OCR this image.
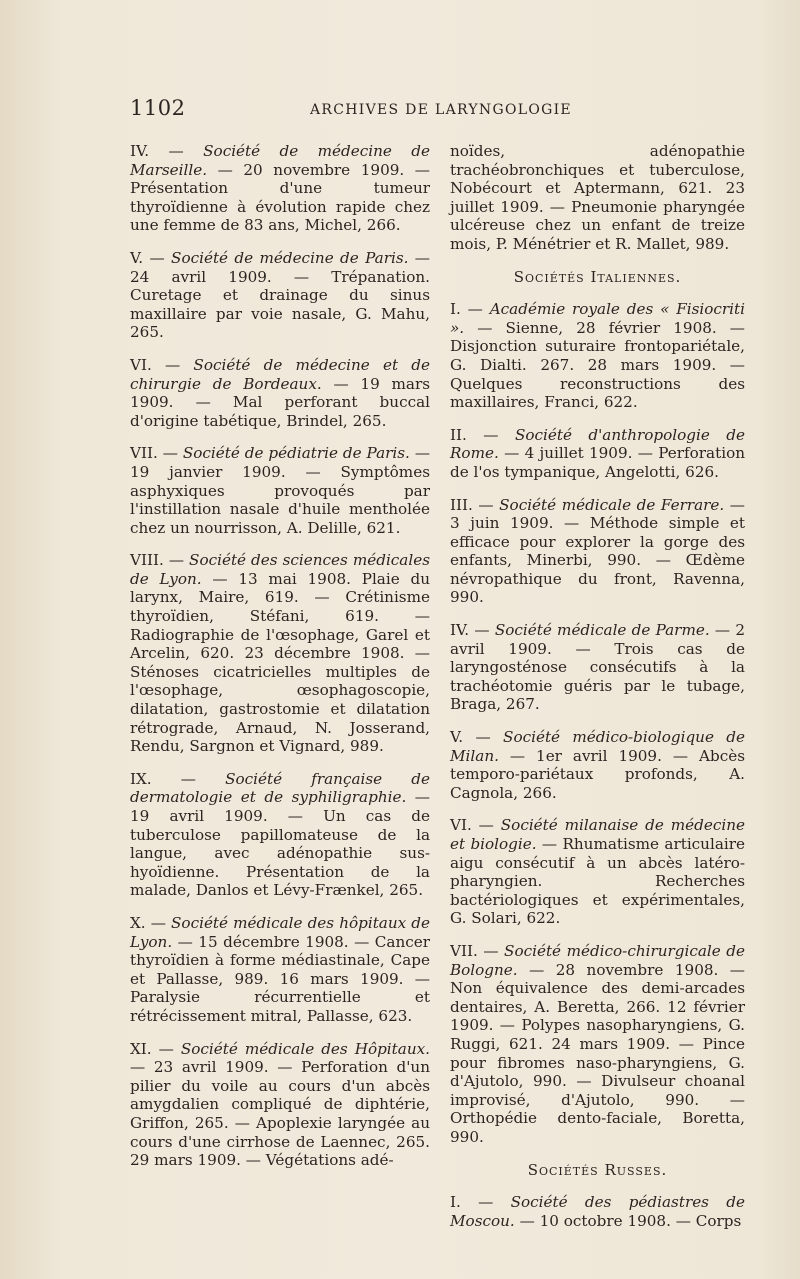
1102	ARCHIVES DE LARYNGOLOGIE

IV. — Société de médecine de Marseille. — 20 novembre 1909. — Présentation d'une tumeur thyroïdienne à évolution rapide chez une femme de 83 ans, Michel, 266.

V. — Société de médecine de Paris. — 24 avril 1909. — Trépanation. Curetage et drainage du sinus maxillaire par voie nasale, G. Mahu, 265.

VI. — Société de médecine et de chirurgie de Bordeaux. — 19 mars 1909. — Mal perforant buccal d'origine tabétique, Brindel, 265.

VII. — Société de pédiatrie de Paris. — 19 janvier 1909. — Symptômes asphyxiques provoqués par l'instillation nasale d'huile mentholée chez un nourrisson, A. Delille, 621.

VIII. — Société des sciences médicales de Lyon. — 13 mai 1908. Plaie du larynx, Maire, 619. — Crétinisme thyroïdien, Stéfani, 619. — Radiographie de l'œsophage, Garel et Arcelin, 620. 23 décembre 1908. — Sténoses cicatricielles multiples de l'œsophage, œsophagoscopie, dilatation, gastrostomie et dilatation rétrograde, Arnaud, N. Josserand, Rendu, Sargnon et Vignard, 989.

IX. — Société française de dermatologie et de syphiligraphie. — 19 avril 1909. — Un cas de tuberculose papillomateuse de la langue, avec adénopathie sus-hyoïdienne. Présentation de la malade, Danlos et Lévy-Frænkel, 265.

X. — Société médicale des hôpitaux de Lyon. — 15 décembre 1908. — Cancer thyroïdien à forme médiastinale, Cape et Pallasse, 989. 16 mars 1909. — Paralysie récurrentielle et rétrécissement mitral, Pallasse, 623.

XI. — Société médicale des Hôpitaux. — 23 avril 1909. — Perforation d'un pilier du voile au cours d'un abcès amygdalien compliqué de diphtérie, Griffon, 265. — Apoplexie laryngée au cours d'une cirrhose de Laennec, 265. 29 mars 1909. — Végétations adé-

noïdes, adénopathie trachéobronchiques et tuberculose, Nobécourt et Aptermann, 621. 23 juillet 1909. — Pneumonie pharyngée ulcéreuse chez un enfant de treize mois, P. Ménétrier et R. Mallet, 989.

Sociétés Italiennes.

I. — Académie royale des « Fisiocriti ». — Sienne, 28 février 1908. — Disjonction suturaire frontopariétale, G. Dialti. 267. 28 mars 1909. — Quelques reconstructions des maxillaires, Franci, 622.

II. — Société d'anthropologie de Rome. — 4 juillet 1909. — Perforation de l'os tympanique, Angelotti, 626.

III. — Société médicale de Ferrare. — 3 juin 1909. — Méthode simple et efficace pour explorer la gorge des enfants, Minerbi, 990. — Œdème névropathique du front, Ravenna, 990.

IV. — Société médicale de Parme. — 2 avril 1909. — Trois cas de laryngosténose consécutifs à la trachéotomie guéris par le tubage, Braga, 267.

V. — Société médico-biologique de Milan. — 1er avril 1909. — Abcès temporo-pariétaux profonds, A. Cagnola, 266.

VI. — Société milanaise de médecine et biologie. — Rhumatisme articulaire aigu consécutif à un abcès latéro-pharyngien. Recherches bactériologiques et expérimentales, G. Solari, 622.

VII. — Société médico-chirurgicale de Bologne. — 28 novembre 1908. — Non équivalence des demi-arcades dentaires, A. Beretta, 266. 12 février 1909. — Polypes nasopharyngiens, G. Ruggi, 621. 24 mars 1909. — Pince pour fibromes naso-pharyngiens, G. d'Ajutolo, 990. — Divulseur choanal improvisé, d'Ajutolo, 990. — Orthopédie dento-faciale, Boretta, 990.

Sociétés Russes.

I. — Société des pédiastres de Moscou. — 10 octobre 1908. — Corps
